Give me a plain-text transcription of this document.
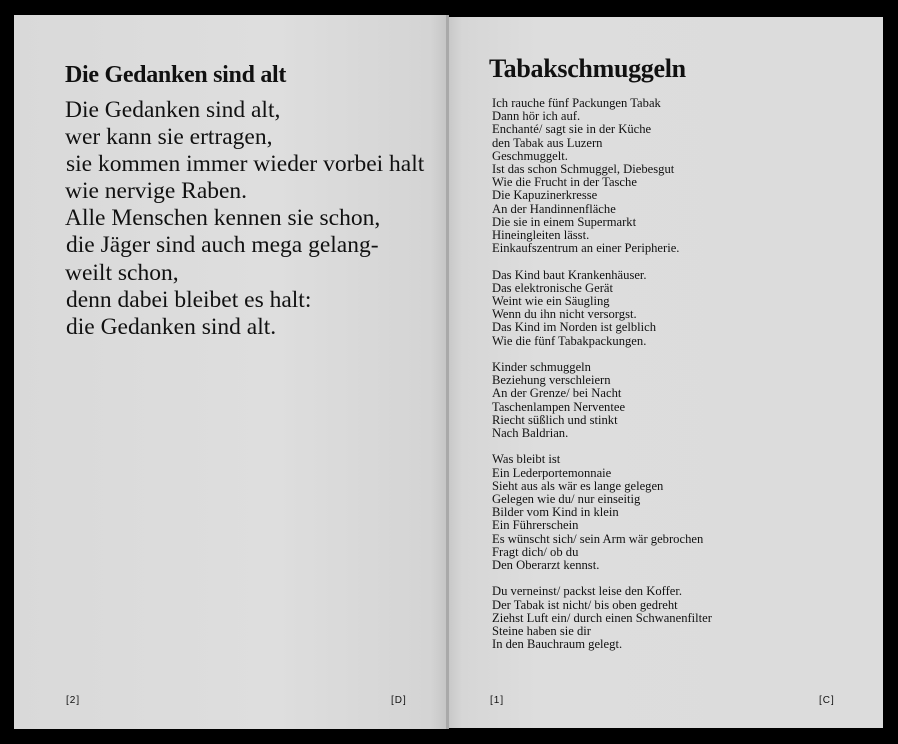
Die Gedanken sind alt
Die Gedanken sind alt,
wer kann sie ertragen,
sie kommen immer wieder vorbei halt
wie nervige Raben.
Alle Menschen kennen sie schon,
die Jäger sind auch mega gelang-
weilt schon,
denn dabei bleibet es halt:
die Gedanken sind alt.
[2]	[D]
Tabakschmuggeln
Ich rauche fünf Packungen Tabak
Dann hör ich auf.
Enchanté/ sagt sie in der Küche
den Tabak aus Luzern
Geschmuggelt.
Ist das schon Schmuggel, Diebesgut
Wie die Frucht in der Tasche
Die Kapuzinerkresse
An der Handinnenfläche
Die sie in einem Supermarkt
Hineingleiten lässt.
Einkaufszentrum an einer Peripherie.
Das Kind baut Krankenhäuser.
Das elektronische Gerät
Weint wie ein Säugling
Wenn du ihn nicht versorgst.
Das Kind im Norden ist gelblich
Wie die fünf Tabakpackungen.
Kinder schmuggeln
Beziehung verschleiern
An der Grenze/ bei Nacht
Taschenlampen Nerventee
Riecht süßlich und stinkt
Nach Baldrian.
Was bleibt ist
Ein Lederportemonnaie
Sieht aus als wär es lange gelegen
Gelegen wie du/ nur einseitig
Bilder vom Kind in klein
Ein Führerschein
Es wünscht sich/ sein Arm wär gebrochen
Fragt dich/ ob du
Den Oberarzt kennst.
Du verneinst/ packst leise den Koffer.
Der Tabak ist nicht/ bis oben gedreht
Ziehst Luft ein/ durch einen Schwanenfilter
Steine haben sie dir
In den Bauchraum gelegt.
[1]	[C]
